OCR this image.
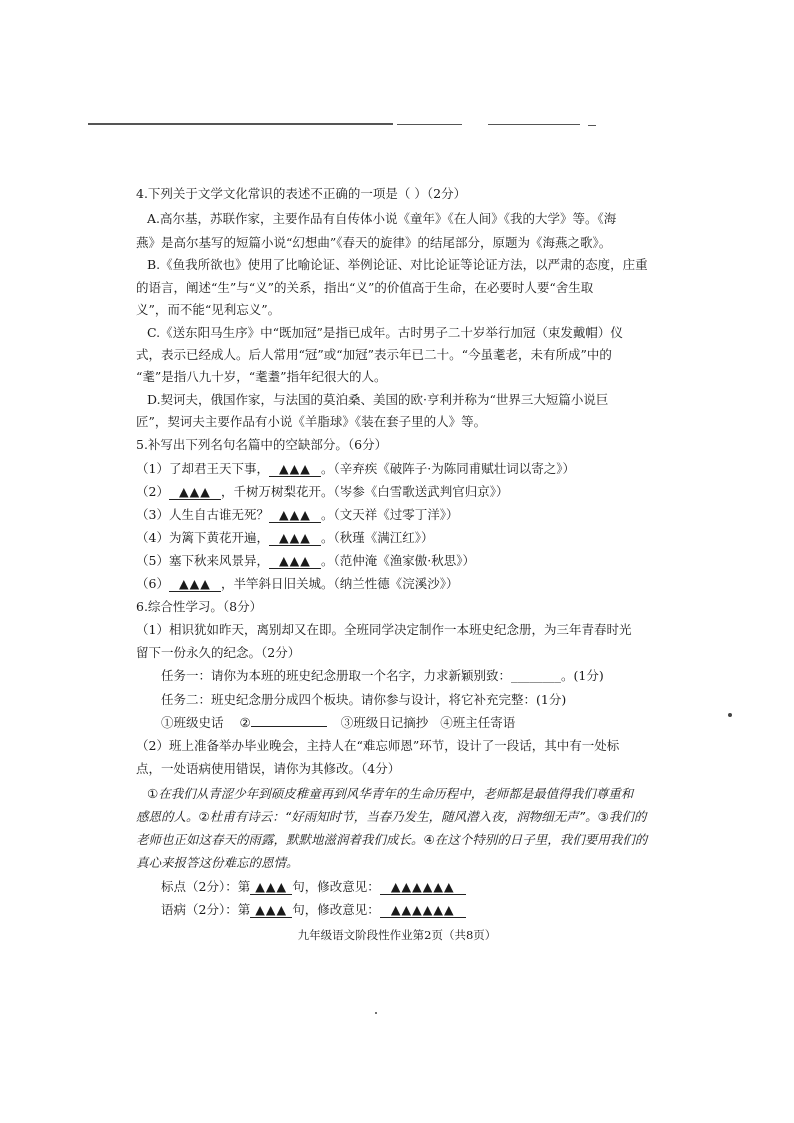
4.下列关于文学文化常识的表述不正确的一项是（ ）（2分）
A.高尔基，苏联作家，主要作品有自传体小说《童年》《在人间》《我的大学》等。《海
燕》是高尔基写的短篇小说“幻想曲”《春天的旋律》的结尾部分，原题为《海燕之歌》。
B.《鱼我所欲也》使用了比喻论证、举例论证、对比论证等论证方法，以严肃的态度，庄重
的语言，阐述“生”与“义”的关系，指出“义”的价值高于生命，在必要时人要“舍生取
义”，而不能“见利忘义”。
C.《送东阳马生序》中“既加冠”是指已成年。古时男子二十岁举行加冠（束发戴帽）仪
式，表示已经成人。后人常用“冠”或“加冠”表示年已二十。“今虽耄老，未有所成”中的
“耄”是指八九十岁，“耄耋”指年纪很大的人。
D.契诃夫，俄国作家，与法国的莫泊桑、美国的欧·亨利并称为“世界三大短篇小说巨
匠”，契诃夫主要作品有小说《羊脂球》《装在套子里的人》等。
5.补写出下列名句名篇中的空缺部分。（6分）
（1）了却君王天下事， ▲▲▲ 。（辛弃疾《破阵子·为陈同甫赋壮词以寄之》）
（2） ▲▲▲ ，千树万树梨花开。（岑参《白雪歌送武判官归京》）
（3）人生自古谁无死？ ▲▲▲ 。（文天祥《过零丁洋》）
（4）为篱下黄花开遍， ▲▲▲ 。（秋瑾《满江红》）
（5）塞下秋来风景异， ▲▲▲ 。（范仲淹《渔家傲·秋思》）
（6） ▲▲▲ ，半竿斜日旧关城。（纳兰性德《浣溪沙》）
6.综合性学习。（8分）
（1）相识犹如昨天，离别却又在即。全班同学决定制作一本班史纪念册，为三年青春时光
留下一份永久的纪念。（2分）
任务一：请你为本班的班史纪念册取一个名字，力求新颖别致：________。(1分)
任务二：班史纪念册分成四个板块。请你参与设计，将它补充完整：(1分)
①班级史话 ②	③班级日记摘抄 ④班主任寄语
（2）班上准备举办毕业晚会，主持人在“难忘师恩”环节，设计了一段话，其中有一处标
点，一处语病使用错误，请你为其修改。（4分）
①在我们从青涩少年到硕皮稚童再到风华青年的生命历程中，老师都是最值得我们尊重和
感恩的人。②杜甫有诗云：“好雨知时节，当春乃发生，随风潜入夜，润物细无声”。③我们的
老师也正如这春天的雨露，默默地滋润着我们成长。④在这个特别的日子里，我们要用我们的
真心来报答这份难忘的恩情。
标点（2分）：第 ▲▲▲ 句，修改意见： ▲▲▲▲▲▲
语病（2分）：第 ▲▲▲ 句，修改意见： ▲▲▲▲▲▲
九年级语文阶段性作业第2页（共8页）
